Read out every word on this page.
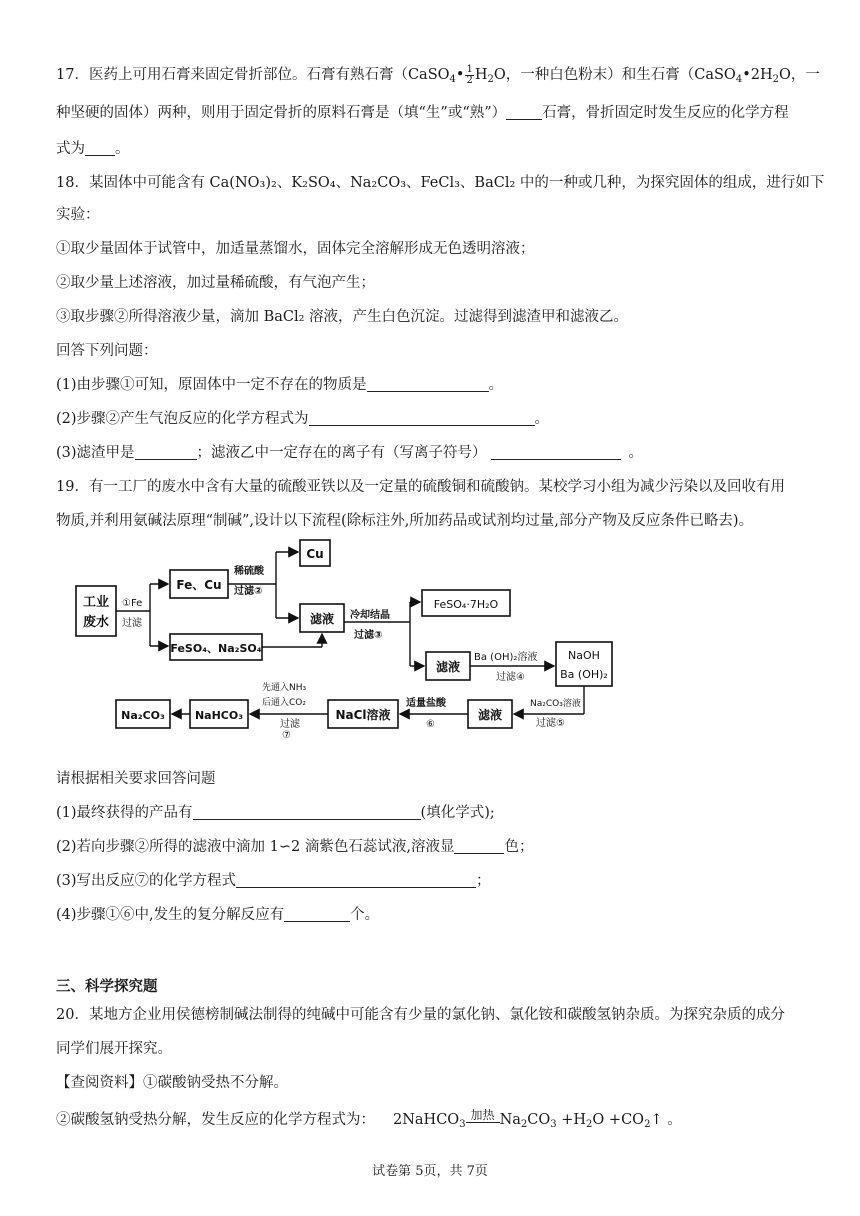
17．医药上可用石膏来固定骨折部位。石膏有熟石膏（CaSO$_4$• $\frac{1}{2} H_2O$，一种白色粉末）和生石膏（$CaSO_4•2H_2O$，一
种坚硬的固体）两种，则用于固定骨折的原料石膏是（填“生”或“熟”） 石膏，骨折固定时发生反应的化学方程
式为 。
18．某固体中可能含有 Ca(NO₃)₂、K₂SO₄、Na₂CO₃、FeCl₃、BaCl₂ 中的一种或几种，为探究固体的组成，进行如下
实验：
①取少量固体于试管中，加适量蒸馏水，固体完全溶解形成无色透明溶液；
②取少量上述溶液，加过量稀硫酸，有气泡产生；
③取步骤②所得溶液少量，滴加 BaCl₂ 溶液，产生白色沉淀。过滤得到滤渣甲和滤液乙。
回答下列问题：
(1)由步骤①可知，原固体中一定不存在的物质是	。
(2)步骤②产生气泡反应的化学方程式为	。
(3)滤渣甲是	；滤液乙中一定存在的离子有（写离子符号）	。
19．有一工厂的废水中含有大量的硫酸亚铁以及一定量的硫酸铜和硫酸钠。某校学习小组为减少污染以及回收有用
物质,并利用氨碱法原理“制碱”,设计以下流程(除标注外,所加药品或试剂均过量,部分产物及反应条件已略去)。
工业
废水
①Fe
过滤
Fe、Cu
稀硫酸
过滤②
Cu
滤液
FeSO₄、Na₂SO₄
冷却结晶
过滤③
FeSO₄·7H₂O
滤液
Ba (OH)₂溶液
过滤④
NaOH
Ba (OH)₂
Na₂CO₃溶液
过滤⑤
滤液
适量盐酸
⑥
NaCl溶液
先通入NH₃
后通入CO₂
过滤
⑦
NaHCO₃
Na₂CO₃
请根据相关要求回答问题
(1)最终获得的产品有	(填化学式);
(2)若向步骤②所得的滤液中滴加 1∽2 滴紫色石蕊试液,溶液显	色；
(3)写出反应⑦的化学方程式	；
(4)步骤①⑥中,发生的复分解反应有	个。
三、科学探究题
20．某地方企业用侯德榜制碱法制得的纯碱中可能含有少量的氯化钠、氯化铵和碳酸氢钠杂质。为探究杂质的成分
同学们展开探究。
【查阅资料】①碳酸钠受热不分解。
②碳酸氢钠受热分解，发生反应的化学方程式为： 2NaHCO$_3$
加热 $Na_2CO_3 +H_2O$ $+CO_2↑$ 。
试卷第 5页，共 7页
